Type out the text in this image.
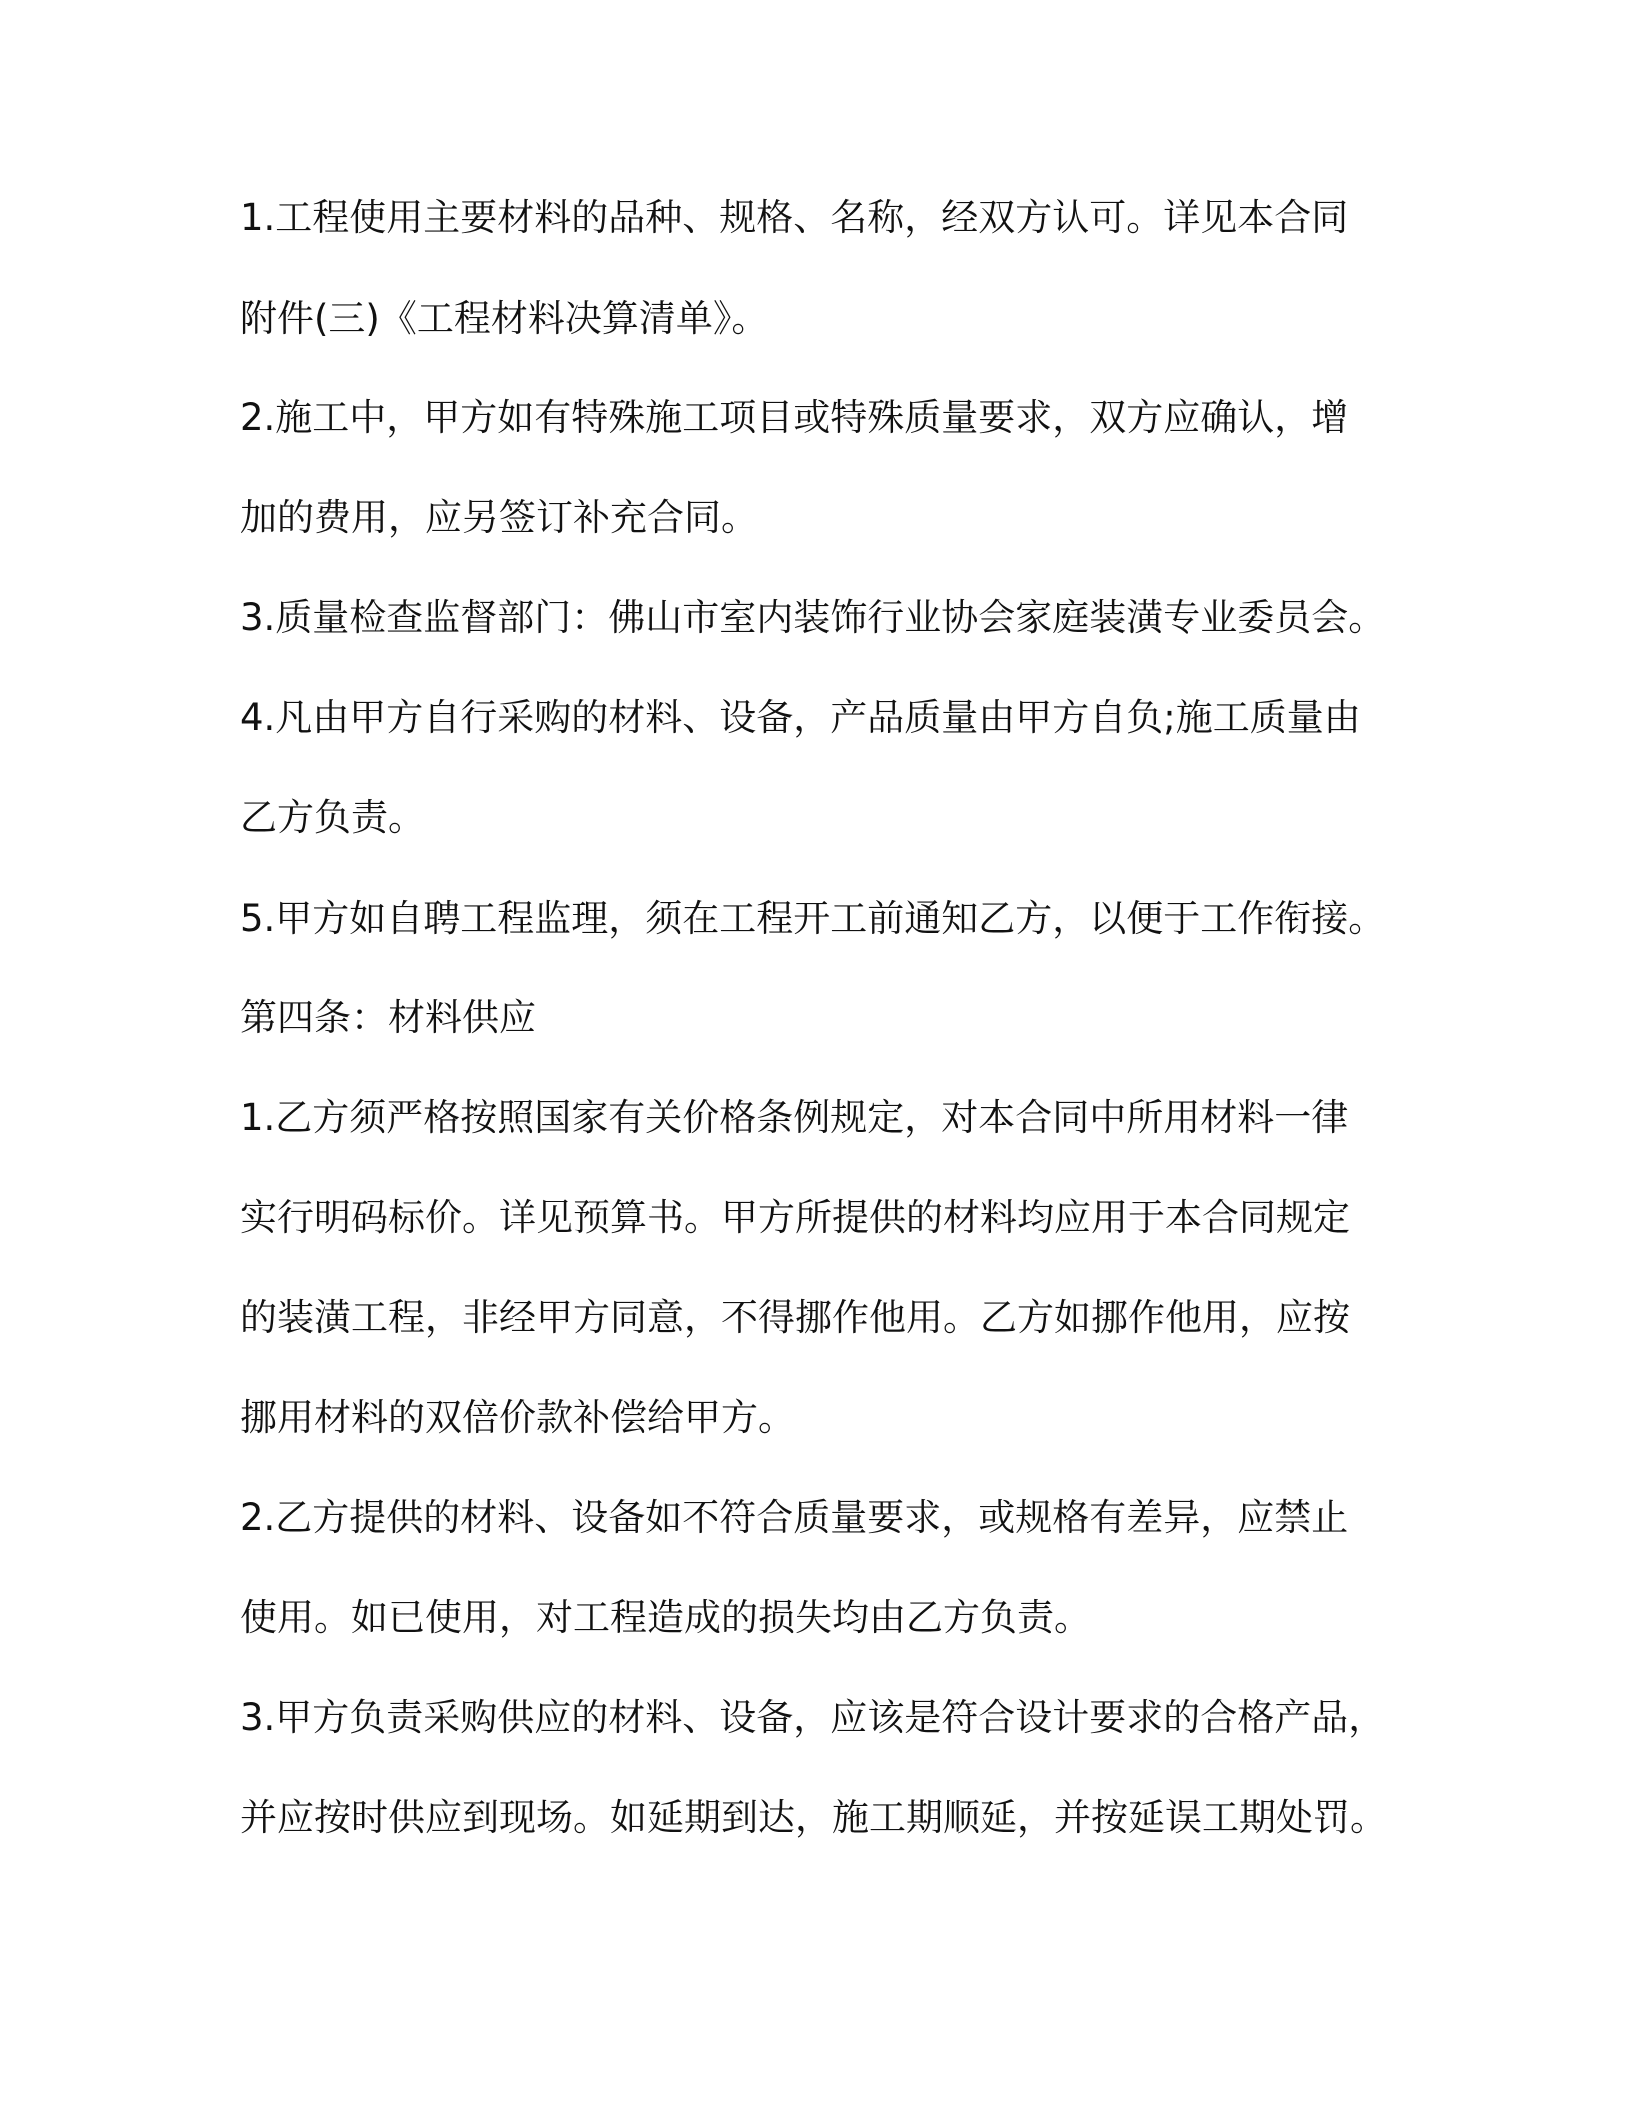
1.工程使用主要材料的品种、规格、名称，经双方认可。详见本合同
附件(三)《工程材料决算清单》。
2.施工中，甲方如有特殊施工项目或特殊质量要求，双方应确认，增
加的费用，应另签订补充合同。
3.质量检查监督部门：佛山市室内装饰行业协会家庭装潢专业委员会。
4.凡由甲方自行采购的材料、设备，产品质量由甲方自负;施工质量由
乙方负责。
5.甲方如自聘工程监理，须在工程开工前通知乙方，以便于工作衔接。
第四条：材料供应
1.乙方须严格按照国家有关价格条例规定，对本合同中所用材料一律
实行明码标价。详见预算书。甲方所提供的材料均应用于本合同规定
的装潢工程，非经甲方同意，不得挪作他用。乙方如挪作他用，应按
挪用材料的双倍价款补偿给甲方。
2.乙方提供的材料、设备如不符合质量要求，或规格有差异，应禁止
使用。如已使用，对工程造成的损失均由乙方负责。
3.甲方负责采购供应的材料、设备，应该是符合设计要求的合格产品，
并应按时供应到现场。如延期到达，施工期顺延，并按延误工期处罚。
